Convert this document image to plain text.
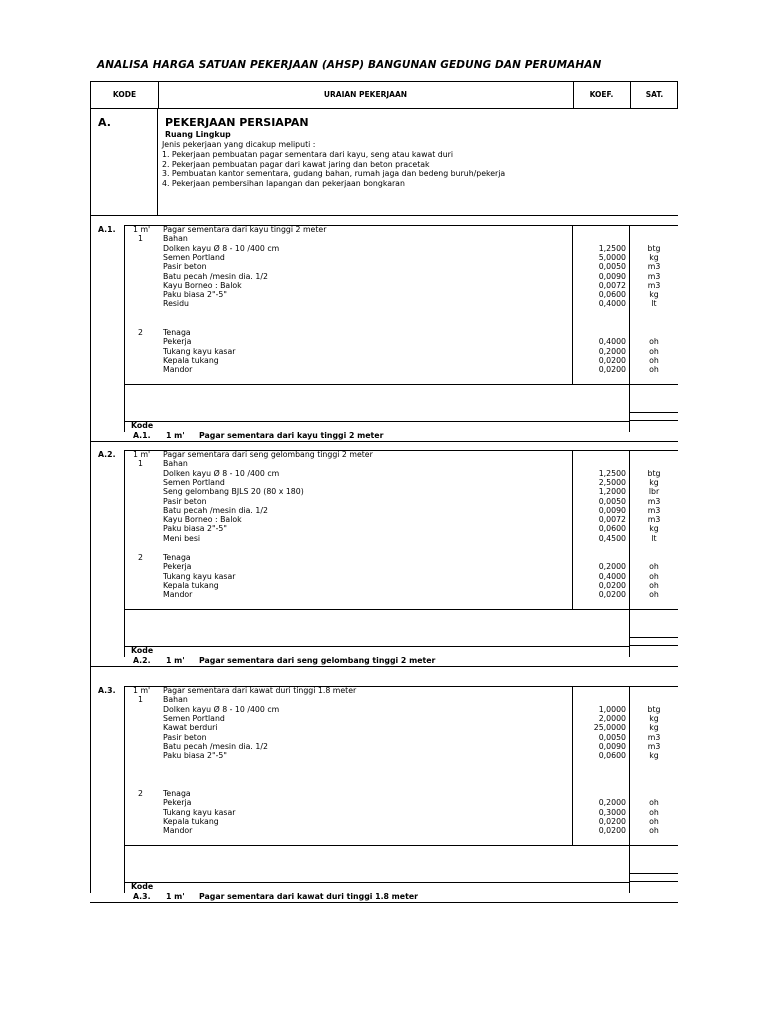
ANALISA HARGA SATUAN PEKERJAAN (AHSP) BANGUNAN GEDUNG DAN PERUMAHAN
KODE	URAIAN PEKERJAAN	KOEF.	SAT.
A.	PEKERJAAN PERSIAPAN
Ruang Lingkup
Jenis pekerjaan yang dicakup meliputi :
1. Pekerjaan pembuatan pagar sementara dari kayu, seng atau kawat duri
2. Pekerjaan pembuatan pagar dari kawat jaring dan beton pracetak
3. Pembuatan kantor sementara, gudang bahan, rumah jaga dan bedeng buruh/pekerja
4. Pekerjaan pembersihan lapangan dan pekerjaan bongkaran
A.1. 1 m' Pagar sementara dari kayu tinggi 2 meter
1	Bahan
Dolken kayu Ø 8 - 10 /400 cm	1,2500	btg
Semen Portland	5,0000	kg
Pasir beton	0,0050	m3
Batu pecah /mesin dia. 1/2	0,0090	m3
Kayu Borneo : Balok	0,0072	m3
Paku biasa 2"-5"	0,0600	kg
Residu	0,4000	lt
2	Tenaga
Pekerja	0,4000	oh
Tukang kayu kasar	0,2000	oh
Kepala tukang	0,0200	oh
Mandor	0,0200	oh
Kode
A.1. 1 m' Pagar sementara dari kayu tinggi 2 meter
A.2. 1 m' Pagar sementara dari seng gelombang tinggi 2 meter
1	Bahan
Dolken kayu Ø 8 - 10 /400 cm	1,2500	btg
Semen Portland	2,5000	kg
Seng gelombang BJLS 20 (80 x 180)	1,2000	lbr
Pasir beton	0,0050	m3
Batu pecah /mesin dia. 1/2	0,0090	m3
Kayu Borneo : Balok	0,0072	m3
Paku biasa 2"-5"	0,0600	kg
Meni besi	0,4500	lt
2	Tenaga
Pekerja	0,2000	oh
Tukang kayu kasar	0,4000	oh
Kepala tukang	0,0200	oh
Mandor	0,0200	oh
Kode
A.2. 1 m' Pagar sementara dari seng gelombang tinggi 2 meter
A.3. 1 m' Pagar sementara dari kawat duri tinggi 1.8 meter
1	Bahan
Dolken kayu Ø 8 - 10 /400 cm	1,0000	btg
Semen Portland	2,0000	kg
Kawat berduri	25,0000	kg
Pasir beton	0,0050	m3
Batu pecah /mesin dia. 1/2	0,0090	m3
Paku biasa 2"-5"	0,0600	kg
2	Tenaga
Pekerja	0,2000	oh
Tukang kayu kasar	0,3000	oh
Kepala tukang	0,0200	oh
Mandor	0,0200	oh
Kode
A.3. 1 m' Pagar sementara dari kawat duri tinggi 1.8 meter
